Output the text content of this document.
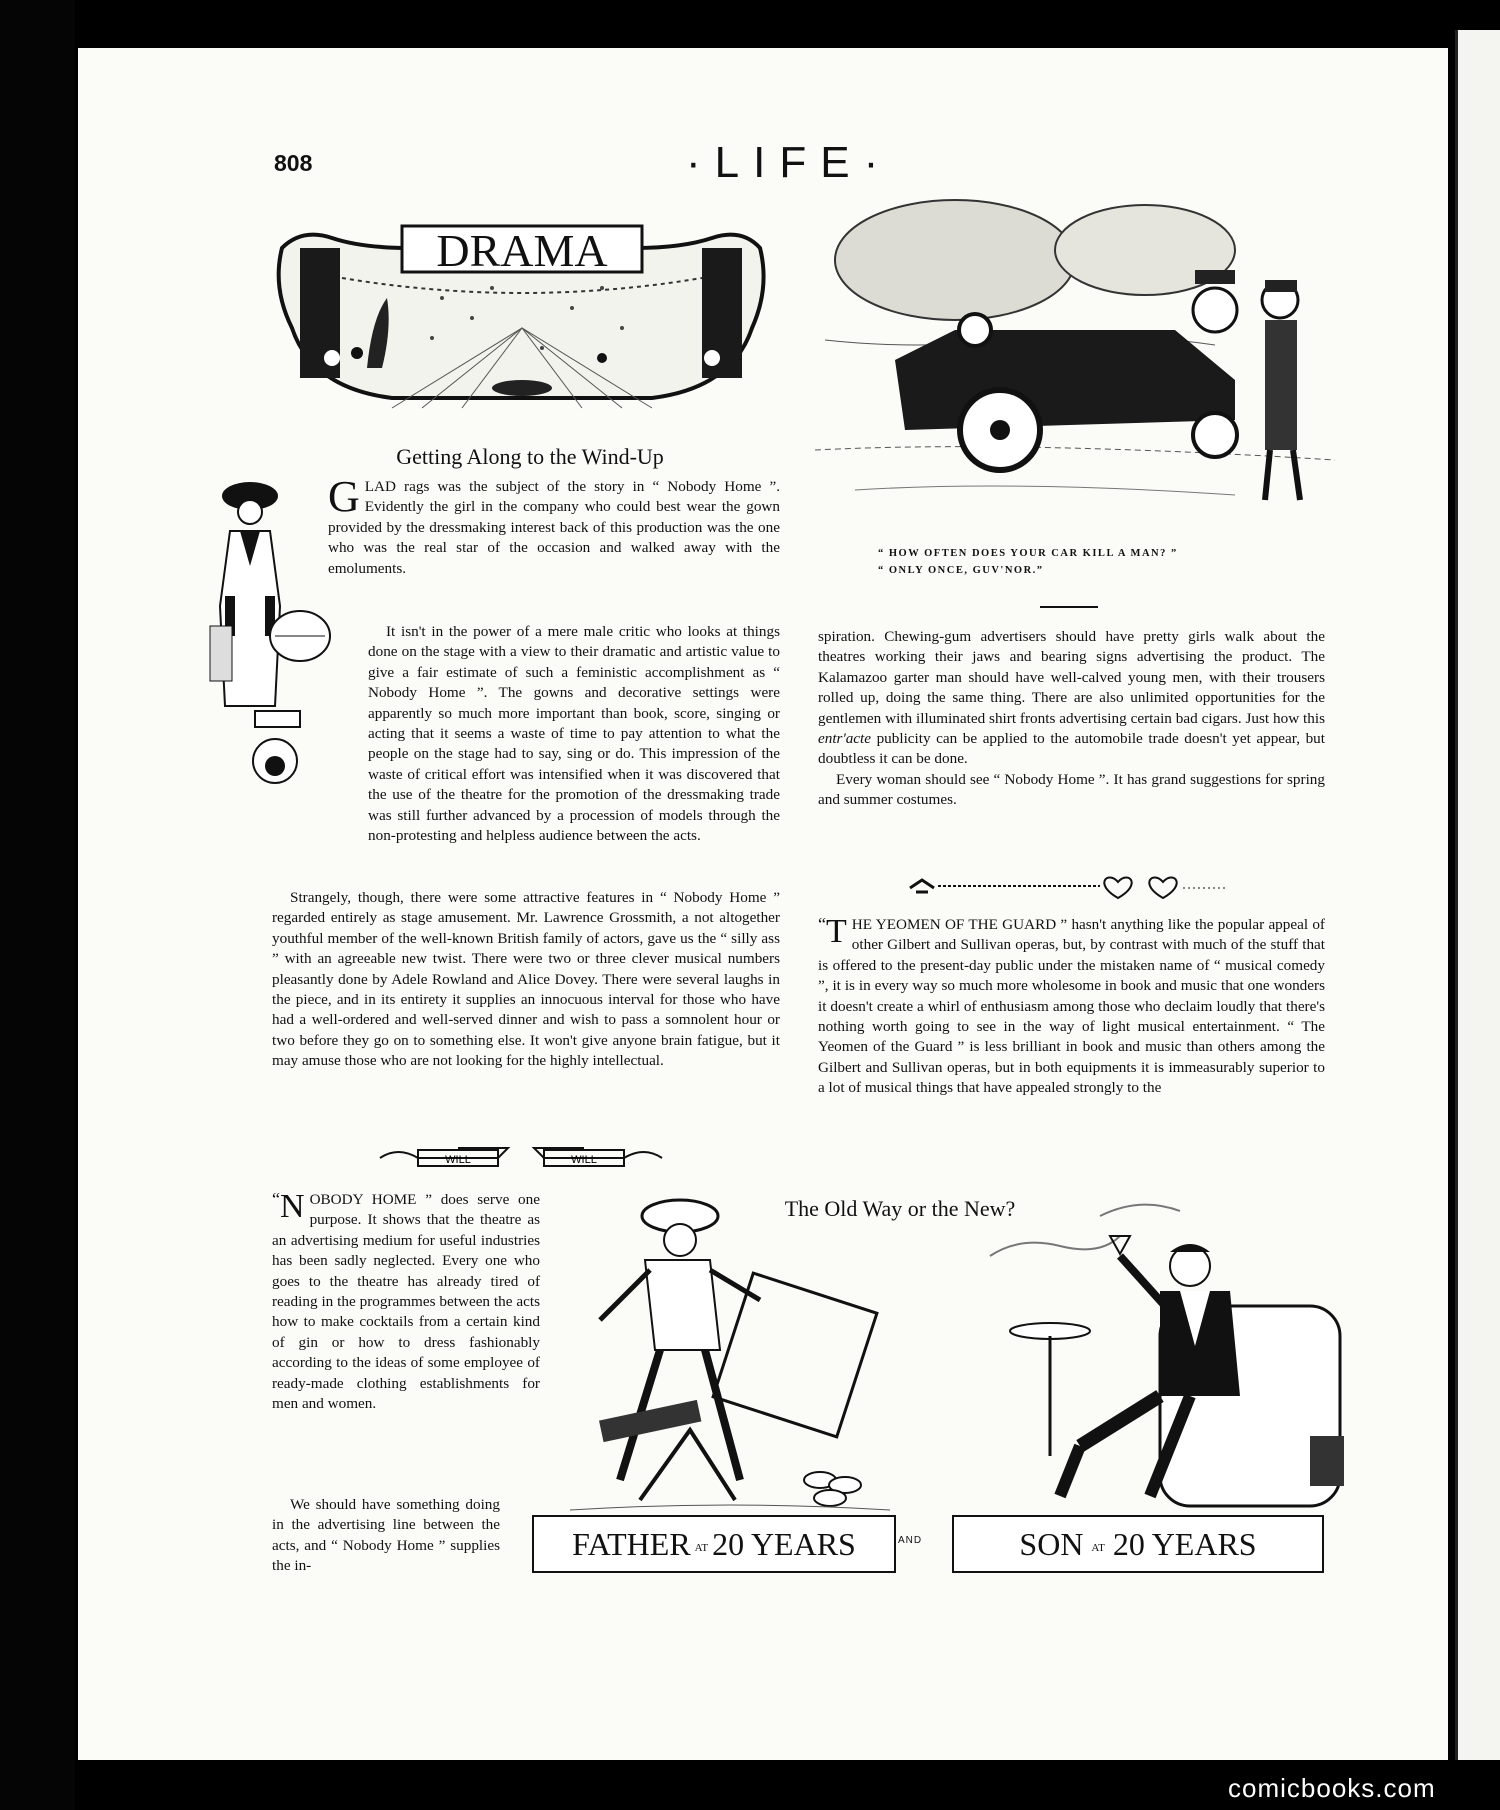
808	·LIFE·
DRAMA
“ HOW OFTEN DOES YOUR CAR KILL A MAN? ”
“ ONLY ONCE, GUV'NOR.”
Getting Along to the Wind-Up

GLAD rags was the subject of the story in “ Nobody Home ”. Evidently the girl in the company who could best wear the gown provided by the dressmaking interest back of this production was the one who was the real star of the occasion and walked away with the emoluments.

It isn't in the power of a mere male critic who looks at things done on the stage with a view to their dramatic and artistic value to give a fair estimate of such a feministic accomplishment as “ Nobody Home ”. The gowns and decorative settings were apparently so much more important than book, score, singing or acting that it seems a waste of time to pay attention to what the people on the stage had to say, sing or do. This impression of the waste of critical effort was intensified when it was discovered that the use of the theatre for the promotion of the dressmaking trade was still further advanced by a procession of models through the non-protesting and helpless audience between the acts.

Strangely, though, there were some attractive features in “ Nobody Home ” regarded entirely as stage amusement. Mr. Lawrence Grossmith, a not altogether youthful member of the well-known British family of actors, gave us the “ silly ass ” with an agreeable new twist. There were two or three clever musical numbers pleasantly done by Adele Rowland and Alice Dovey. There were several laughs in the piece, and in its entirety it supplies an innocuous interval for those who have had a well-ordered and well-served dinner and wish to pass a somnolent hour or two before they go on to something else. It won't give anyone brain fatigue, but it may amuse those who are not looking for the highly intellectual.

spiration. Chewing-gum advertisers should have pretty girls walk about the theatres working their jaws and bearing signs advertising the product. The Kalamazoo garter man should have well-calved young men, with their trousers rolled up, doing the same thing. There are also unlimited opportunities for the gentlemen with illuminated shirt fronts advertising certain bad cigars. Just how this entr'acte publicity can be applied to the automobile trade doesn't yet appear, but doubtless it can be done.

Every woman should see “ Nobody Home ”. It has grand suggestions for spring and summer costumes.

“ T HE YEOMEN OF THE GUARD ” hasn't anything like the popular appeal of other Gilbert and Sullivan operas, but, by contrast with much of the stuff that is offered to the present-day public under the mistaken name of “ musical comedy ”, it is in every way so much more wholesome in book and music that one wonders it doesn't create a whirl of enthusiasm among those who declaim loudly that there's nothing worth going to see in the way of light musical entertainment. “ The Yeomen of the Guard ” is less brilliant in book and music than others among the Gilbert and Sullivan operas, but in both equipments it is immeasurably superior to a lot of musical things that have appealed strongly to the

WILL	WILL

“ N OBODY HOME ” does serve one purpose. It shows that the theatre as an advertising medium for useful industries has been sadly neglected. Every one who goes to the theatre has already tired of reading in the programmes between the acts how to make cocktails from a certain kind of gin or how to dress fashionably according to the ideas of some employee of ready-made clothing establishments for men and women.

We should have something doing in the advertising line between the acts, and “ Nobody Home ” supplies the in-

The Old Way or the New?
FATHER AT 20 YEARS	AND	SON AT 20 YEARS
comicbooks.com
